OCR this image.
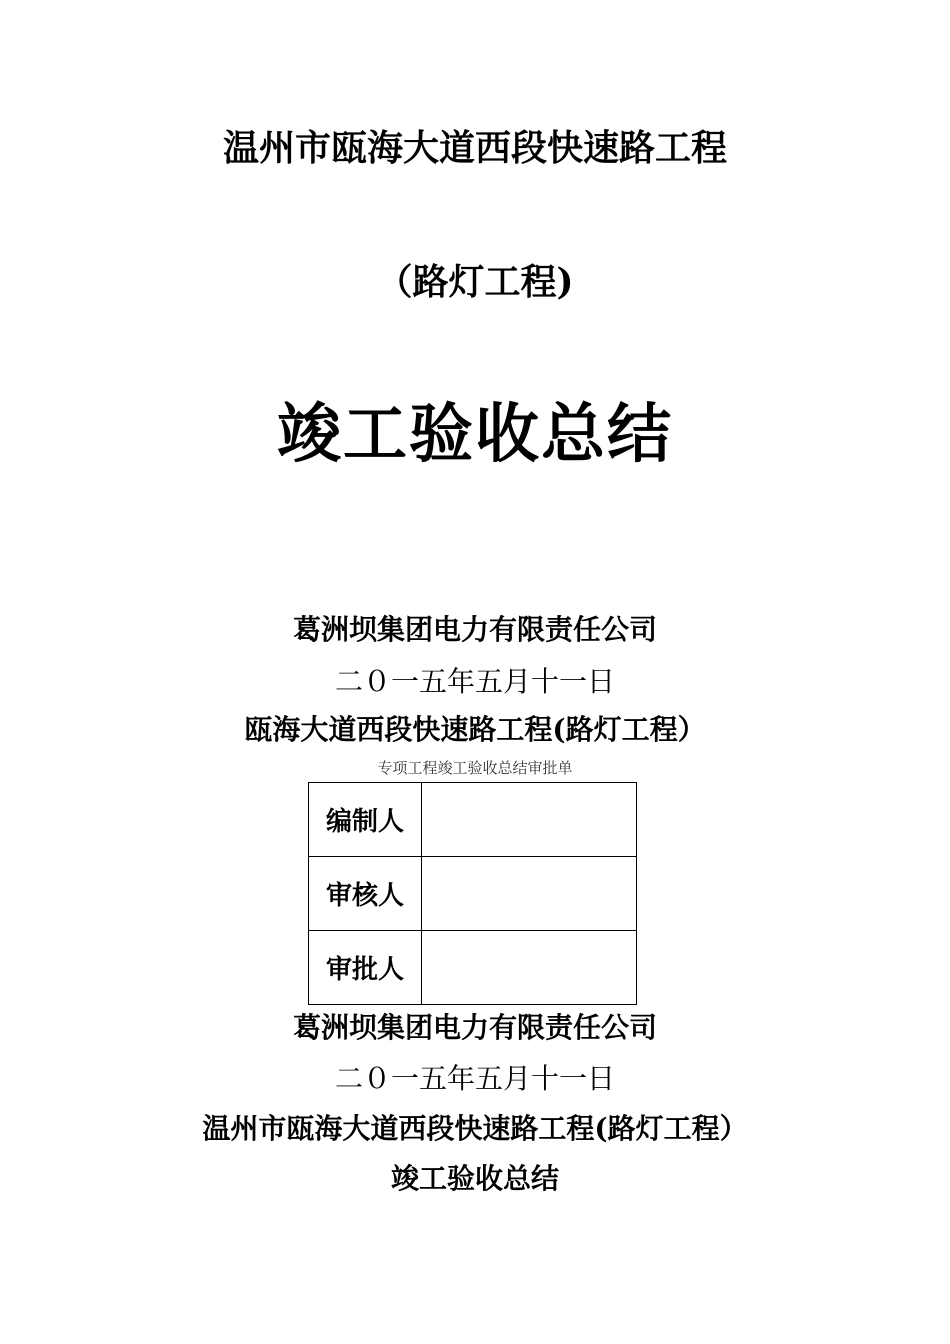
温州市瓯海大道西段快速路工程
（路灯工程)
竣工验收总结
葛洲坝集团电力有限责任公司
二０一五年五月十一日
瓯海大道西段快速路工程(路灯工程）
专项工程竣工验收总结审批单
编制人	
审核人	
审批人	
葛洲坝集团电力有限责任公司
二０一五年五月十一日
温州市瓯海大道西段快速路工程(路灯工程）
竣工验收总结
